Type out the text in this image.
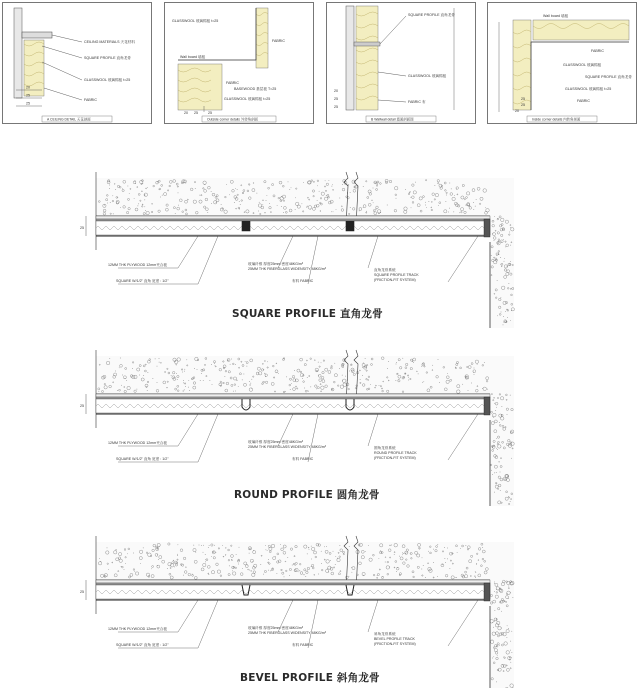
CEILING MATERIALS 天花材料
SQUARE PROFILE 直角龙骨
GLASSWOOL 玻璃棉板 t=25
FABRIC
20
25
25
A CEILING DETAIL 天花剖面
GLASSWOOL 玻璃棉板 t=25
FABRIC
Wall board 墙板
BASEWOOD 基层板 T=25
FABRIC
GLASSWOOL 玻璃棉板 t=25
20 25	25
Outside corner details 外转角剖面
SQUARE PROFILE 直角龙骨
GLASSWOOL 玻璃棉板
FABRIC 布
20
25
25
B Wallwall detail 墙面剖面图
Wall board 墙板
FABRIC
GLASSWOOL 玻璃棉板
SQUARE PROFILE 直角龙骨
GLASSWOOL 玻璃棉板 t=25
FABRIC
20
25
25
Inside corner details 内转角剖面
25
12MM THK PLYWOOD 12mm夹合板
SQUARE W/1/2" 直角 宽度 : 1/2"
玻璃纤维 厚度25mm 密度48KG/m³
25MM THK FIBERGLASS W/DENSITY 48KG/m³
布料 FABRIC
直角龙骨系统
SQUARE PROFILE TRACK
(FRICTION-FIT SYSTEM)
SQUARE PROFILE 直角龙骨
25
12MM THK PLYWOOD 12mm夹合板
SQUARE W/1/2" 直角 宽度 : 1/2"
玻璃纤维 厚度25mm 密度48KG/m³
25MM THK FIBERGLASS W/DENSITY 48KG/m³
布料 FABRIC
圆角龙骨系统
ROUND PROFILE TRACK
(FRICTION-FIT SYSTEM)
ROUND PROFILE 圆角龙骨
25
12MM THK PLYWOOD 12mm夹合板
SQUARE W/1/2" 直角 宽度 : 1/2"
玻璃纤维 厚度25mm 密度48KG/m³
25MM THK FIBERGLASS W/DENSITY 48KG/m³
布料 FABRIC
斜角龙骨系统
BEVEL PROFILE TRACK
(FRICTION-FIT SYSTEM)
BEVEL PROFILE 斜角龙骨
